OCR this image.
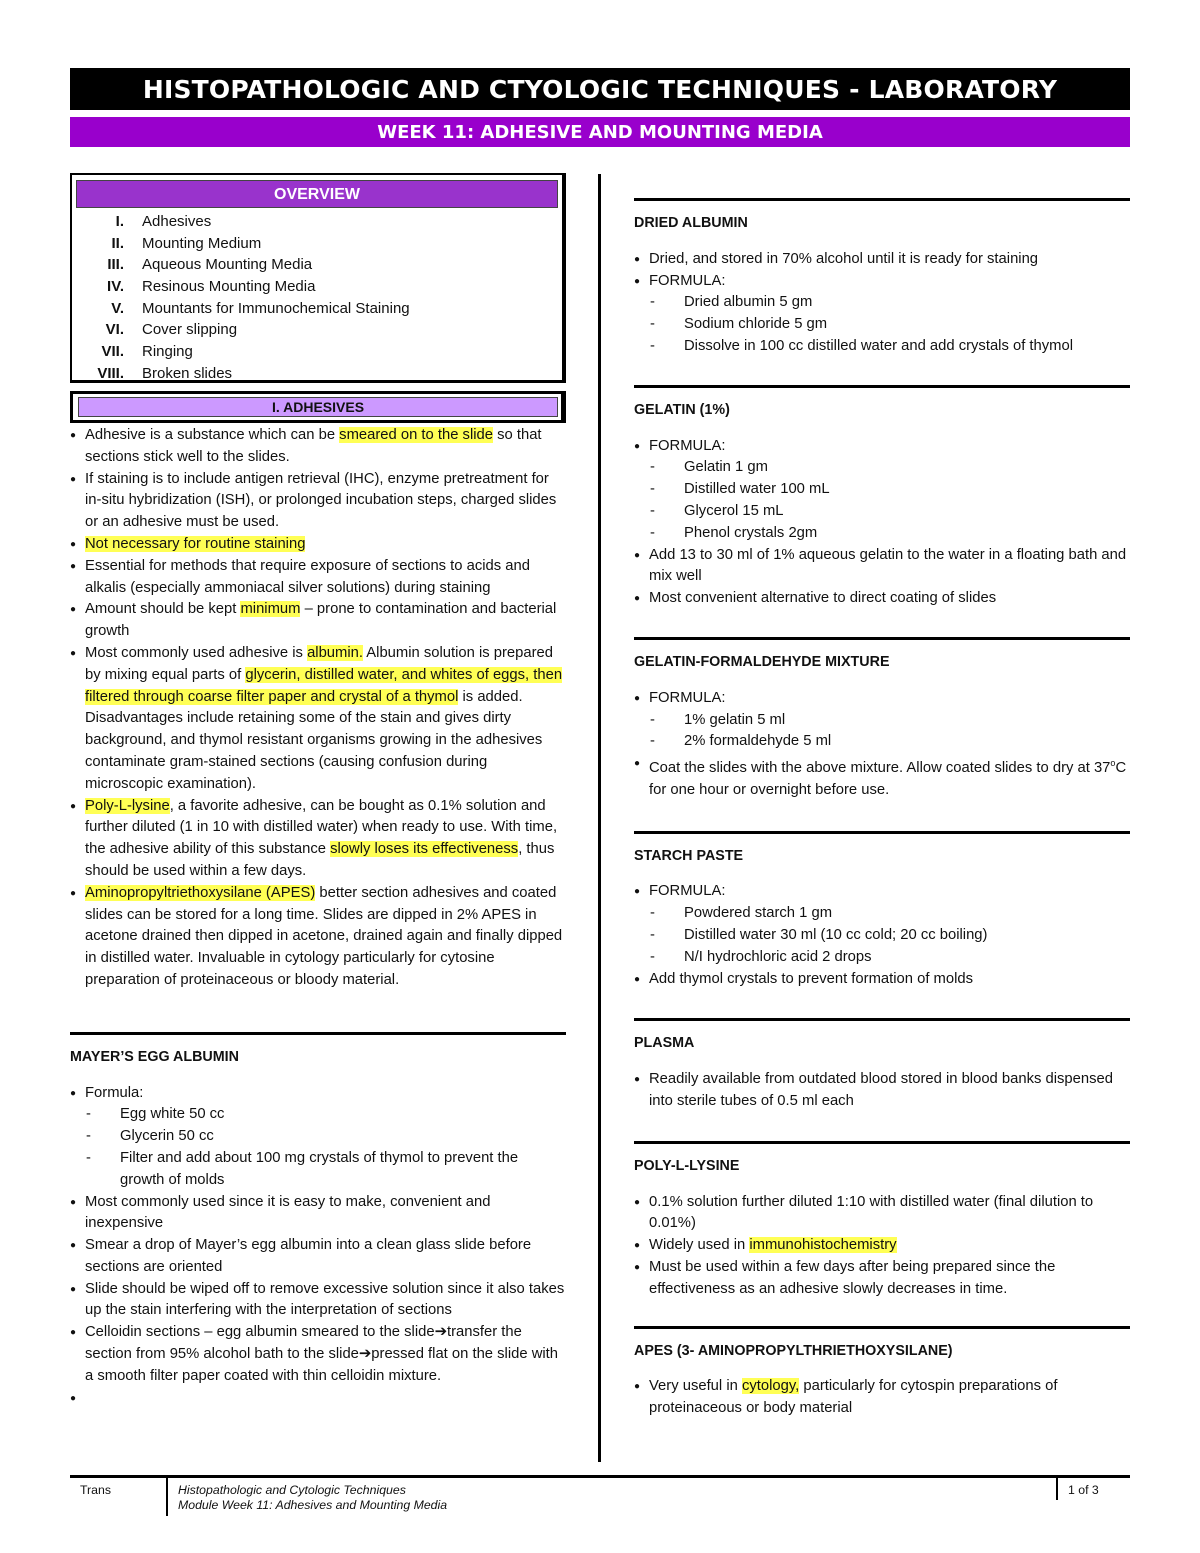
HISTOPATHOLOGIC AND CTYOLOGIC TECHNIQUES - LABORATORY
WEEK 11: ADHESIVE AND MOUNTING MEDIA
OVERVIEW
I.	Adhesives
II.	Mounting Medium
III.	Aqueous Mounting Media
IV.	Resinous Mounting Media
V.	Mountants for Immunochemical Staining
VI.	Cover slipping
VII.	Ringing
VIII.	Broken slides
I. ADHESIVES
● Adhesive is a substance which can be smeared on to the slide so that sections stick well to the slides.
● If staining is to include antigen retrieval (IHC), enzyme pretreatment for in-situ hybridization (ISH), or prolonged incubation steps, charged slides or an adhesive must be used.
● Not necessary for routine staining
● Essential for methods that require exposure of sections to acids and alkalis (especially ammoniacal silver solutions) during staining
● Amount should be kept minimum – prone to contamination and bacterial growth
● Most commonly used adhesive is albumin. Albumin solution is prepared by mixing equal parts of glycerin, distilled water, and whites of eggs, then filtered through coarse filter paper and crystal of a thymol is added. Disadvantages include retaining some of the stain and gives dirty background, and thymol resistant organisms growing in the adhesives contaminate gram-stained sections (causing confusion during microscopic examination).
● Poly-L-lysine, a favorite adhesive, can be bought as 0.1% solution and further diluted (1 in 10 with distilled water) when ready to use. With time, the adhesive ability of this substance slowly loses its effectiveness, thus should be used within a few days.
● Aminopropyltriethoxysilane (APES) better section adhesives and coated slides can be stored for a long time. Slides are dipped in 2% APES in acetone drained then dipped in acetone, drained again and finally dipped in distilled water. Invaluable in cytology particularly for cytosine preparation of proteinaceous or bloody material.
MAYER’S EGG ALBUMIN
● Formula:
- Egg white 50 cc
- Glycerin 50 cc
- Filter and add about 100 mg crystals of thymol to prevent the growth of molds
● Most commonly used since it is easy to make, convenient and inexpensive
● Smear a drop of Mayer’s egg albumin into a clean glass slide before sections are oriented
● Slide should be wiped off to remove excessive solution since it also takes up the stain interfering with the interpretation of sections
● Celloidin sections – egg albumin smeared to the slide➔transfer the section from 95% alcohol bath to the slide➔pressed flat on the slide with a smooth filter paper coated with thin celloidin mixture.
●
DRIED ALBUMIN
● Dried, and stored in 70% alcohol until it is ready for staining
● FORMULA:
- Dried albumin 5 gm
- Sodium chloride 5 gm
- Dissolve in 100 cc distilled water and add crystals of thymol
GELATIN (1%)
● FORMULA:
- Gelatin 1 gm
- Distilled water 100 mL
- Glycerol 15 mL
- Phenol crystals 2gm
● Add 13 to 30 ml of 1% aqueous gelatin to the water in a floating bath and mix well
● Most convenient alternative to direct coating of slides
GELATIN-FORMALDEHYDE MIXTURE
● FORMULA:
- 1% gelatin 5 ml
- 2% formaldehyde 5 ml
● Coat the slides with the above mixture. Allow coated slides to dry at 37$^o$C for one hour or overnight before use.
STARCH PASTE
● FORMULA:
- Powdered starch 1 gm
- Distilled water 30 ml (10 cc cold; 20 cc boiling)
- N/I hydrochloric acid 2 drops
● Add thymol crystals to prevent formation of molds
PLASMA
● Readily available from outdated blood stored in blood banks dispensed into sterile tubes of 0.5 ml each
POLY-L-LYSINE
● 0.1% solution further diluted 1:10 with distilled water (final dilution to 0.01%)
● Widely used in immunohistochemistry
● Must be used within a few days after being prepared since the effectiveness as an adhesive slowly decreases in time.
APES (3- AMINOPROPYLTHRIETHOXYSILANE)
● Very useful in cytology, particularly for cytospin preparations of proteinaceous or body material
Trans	Histopathologic and Cytologic Techniques
Module Week 11: Adhesives and Mounting Media
1 of 3
